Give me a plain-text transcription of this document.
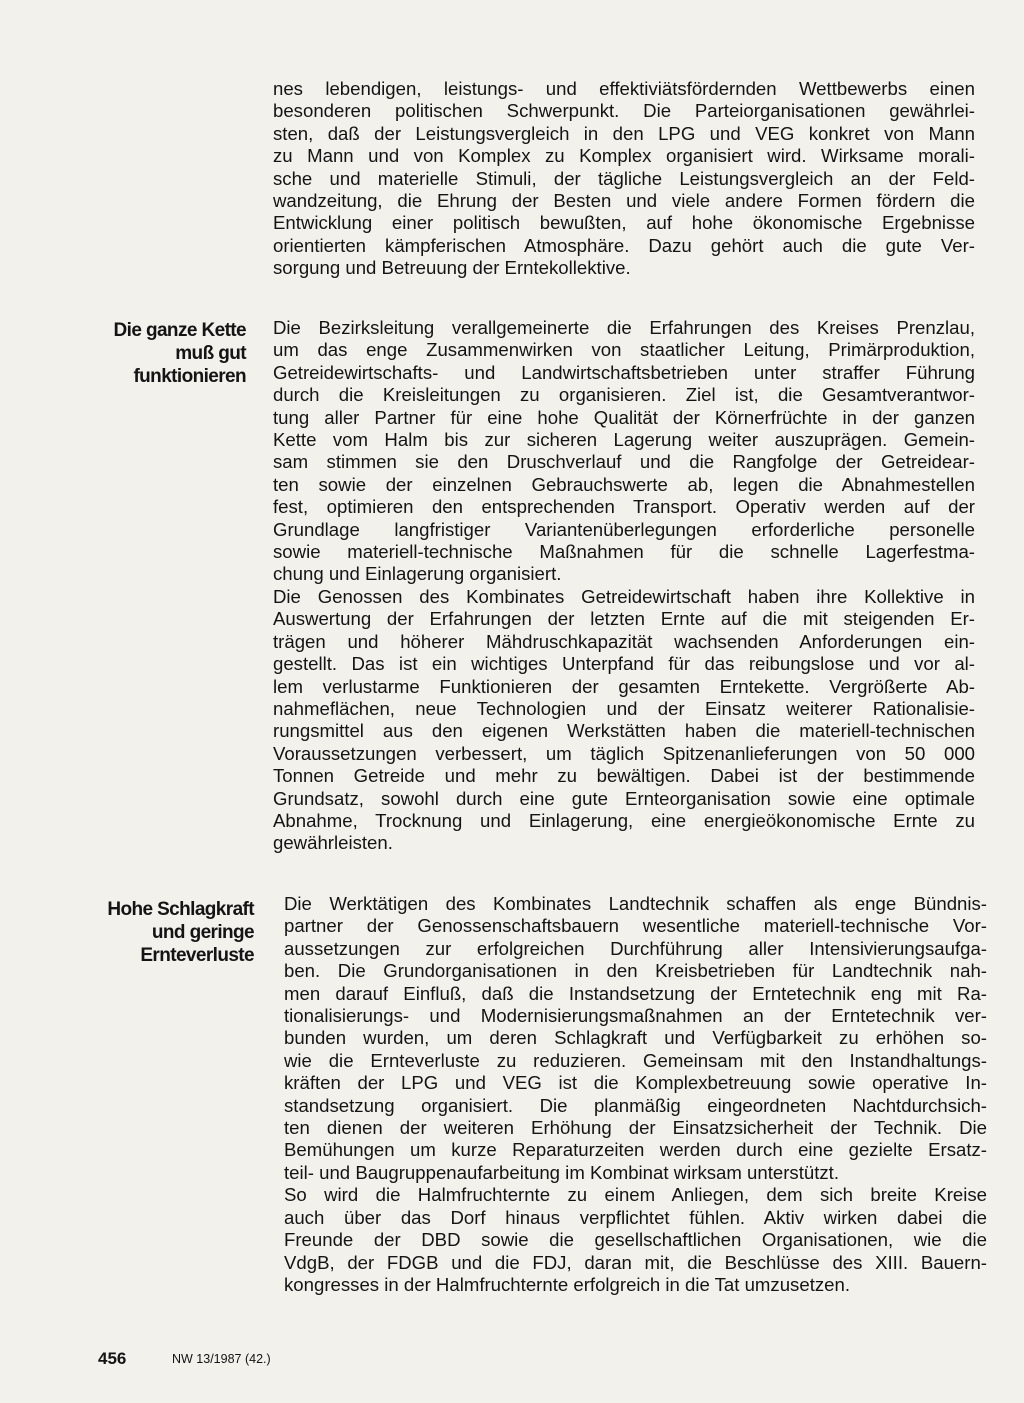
nes lebendigen, leistungs- und effektiviätsfördernden Wettbewerbs einen
besonderen politischen Schwerpunkt. Die Parteiorganisationen gewährlei-
sten, daß der Leistungsvergleich in den LPG und VEG konkret von Mann
zu Mann und von Komplex zu Komplex organisiert wird. Wirksame morali-
sche und materielle Stimuli, der tägliche Leistungsvergleich an der Feld-
wandzeitung, die Ehrung der Besten und viele andere Formen fördern die
Entwicklung einer politisch bewußten, auf hohe ökonomische Ergebnisse
orientierten kämpferischen Atmosphäre. Dazu gehört auch die gute Ver-
sorgung und Betreuung der Erntekollektive.
Die ganze Kette
muß gut
funktionieren
Die Bezirksleitung verallgemeinerte die Erfahrungen des Kreises Prenzlau,
um das enge Zusammenwirken von staatlicher Leitung, Primärproduktion,
Getreidewirtschafts- und Landwirtschaftsbetrieben unter straffer Führung
durch die Kreisleitungen zu organisieren. Ziel ist, die Gesamtverantwor-
tung aller Partner für eine hohe Qualität der Körnerfrüchte in der ganzen
Kette vom Halm bis zur sicheren Lagerung weiter auszuprägen. Gemein-
sam stimmen sie den Druschverlauf und die Rangfolge der Getreidear-
ten sowie der einzelnen Gebrauchswerte ab, legen die Abnahmestellen
fest, optimieren den entsprechenden Transport. Operativ werden auf der
Grundlage langfristiger Variantenüberlegungen erforderliche personelle
sowie materiell-technische Maßnahmen für die schnelle Lagerfestma-
chung und Einlagerung organisiert.
Die Genossen des Kombinates Getreidewirtschaft haben ihre Kollektive in
Auswertung der Erfahrungen der letzten Ernte auf die mit steigenden Er-
trägen und höherer Mähdruschkapazität wachsenden Anforderungen ein-
gestellt. Das ist ein wichtiges Unterpfand für das reibungslose und vor al-
lem verlustarme Funktionieren der gesamten Erntekette. Vergrößerte Ab-
nahmeflächen, neue Technologien und der Einsatz weiterer Rationalisie-
rungsmittel aus den eigenen Werkstätten haben die materiell-technischen
Voraussetzungen verbessert, um täglich Spitzenanlieferungen von 50 000
Tonnen Getreide und mehr zu bewältigen. Dabei ist der bestimmende
Grundsatz, sowohl durch eine gute Ernteorganisation sowie eine optimale
Abnahme, Trocknung und Einlagerung, eine energieökonomische Ernte zu
gewährleisten.
Hohe Schlagkraft
und geringe
Ernteverluste
Die Werktätigen des Kombinates Landtechnik schaffen als enge Bündnis-
partner der Genossenschaftsbauern wesentliche materiell-technische Vor-
aussetzungen zur erfolgreichen Durchführung aller Intensivierungsaufga-
ben. Die Grundorganisationen in den Kreisbetrieben für Landtechnik nah-
men darauf Einfluß, daß die Instandsetzung der Erntetechnik eng mit Ra-
tionalisierungs- und Modernisierungsmaßnahmen an der Erntetechnik ver-
bunden wurden, um deren Schlagkraft und Verfügbarkeit zu erhöhen so-
wie die Ernteverluste zu reduzieren. Gemeinsam mit den Instandhaltungs-
kräften der LPG und VEG ist die Komplexbetreuung sowie operative In-
standsetzung organisiert. Die planmäßig eingeordneten Nachtdurchsich-
ten dienen der weiteren Erhöhung der Einsatzsicherheit der Technik. Die
Bemühungen um kurze Reparaturzeiten werden durch eine gezielte Ersatz-
teil- und Baugruppenaufarbeitung im Kombinat wirksam unterstützt.
So wird die Halmfruchternte zu einem Anliegen, dem sich breite Kreise
auch über das Dorf hinaus verpflichtet fühlen. Aktiv wirken dabei die
Freunde der DBD sowie die gesellschaftlichen Organisationen, wie die
VdgB, der FDGB und die FDJ, daran mit, die Beschlüsse des XIII. Bauern-
kongresses in der Halmfruchternte erfolgreich in die Tat umzusetzen.
456	NW 13/1987 (42.)
